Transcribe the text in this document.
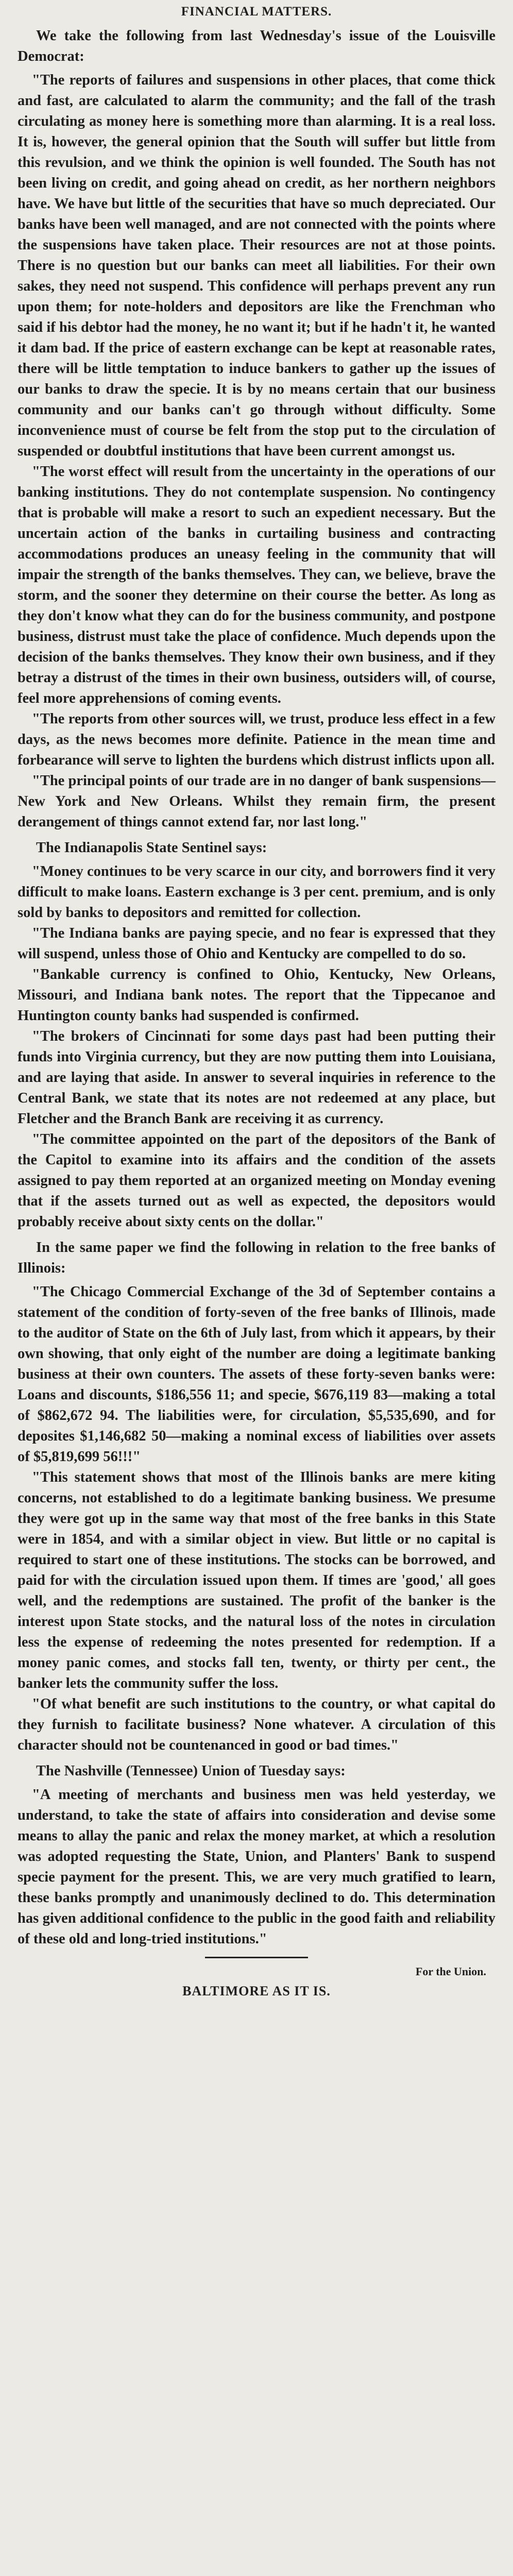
FINANCIAL MATTERS.

We take the following from last Wednesday's issue of the Louisville Democrat:

"The reports of failures and suspensions in other places, that come thick and fast, are calculated to alarm the community; and the fall of the trash circulating as money here is something more than alarming. It is a real loss. It is, however, the general opinion that the South will suffer but little from this revulsion, and we think the opinion is well founded. The South has not been living on credit, and going ahead on credit, as her northern neighbors have. We have but little of the securities that have so much depreciated. Our banks have been well managed, and are not connected with the points where the suspensions have taken place. Their resources are not at those points. There is no question but our banks can meet all liabilities. For their own sakes, they need not suspend. This confidence will perhaps prevent any run upon them; for note-holders and depositors are like the Frenchman who said if his debtor had the money, he no want it; but if he hadn't it, he wanted it dam bad. If the price of eastern exchange can be kept at reasonable rates, there will be little temptation to induce bankers to gather up the issues of our banks to draw the specie. It is by no means certain that our business community and our banks can't go through without difficulty. Some inconvenience must of course be felt from the stop put to the circulation of suspended or doubtful institutions that have been current amongst us.

"The worst effect will result from the uncertainty in the operations of our banking institutions. They do not contemplate suspension. No contingency that is probable will make a resort to such an expedient necessary. But the uncertain action of the banks in curtailing business and contracting accommodations produces an uneasy feeling in the community that will impair the strength of the banks themselves. They can, we believe, brave the storm, and the sooner they determine on their course the better. As long as they don't know what they can do for the business community, and postpone business, distrust must take the place of confidence. Much depends upon the decision of the banks themselves. They know their own business, and if they betray a distrust of the times in their own business, outsiders will, of course, feel more apprehensions of coming events.

"The reports from other sources will, we trust, produce less effect in a few days, as the news becomes more definite. Patience in the mean time and forbearance will serve to lighten the burdens which distrust inflicts upon all.

"The principal points of our trade are in no danger of bank suspensions—New York and New Orleans. Whilst they remain firm, the present derangement of things cannot extend far, nor last long."

The Indianapolis State Sentinel says:

"Money continues to be very scarce in our city, and borrowers find it very difficult to make loans. Eastern exchange is 3 per cent. premium, and is only sold by banks to depositors and remitted for collection.

"The Indiana banks are paying specie, and no fear is expressed that they will suspend, unless those of Ohio and Kentucky are compelled to do so.

"Bankable currency is confined to Ohio, Kentucky, New Orleans, Missouri, and Indiana bank notes. The report that the Tippecanoe and Huntington county banks had suspended is confirmed.

"The brokers of Cincinnati for some days past had been putting their funds into Virginia currency, but they are now putting them into Louisiana, and are laying that aside. In answer to several inquiries in reference to the Central Bank, we state that its notes are not redeemed at any place, but Fletcher and the Branch Bank are receiving it as currency.

"The committee appointed on the part of the depositors of the Bank of the Capitol to examine into its affairs and the condition of the assets assigned to pay them reported at an organized meeting on Monday evening that if the assets turned out as well as expected, the depositors would probably receive about sixty cents on the dollar."

In the same paper we find the following in relation to the free banks of Illinois:

"The Chicago Commercial Exchange of the 3d of September contains a statement of the condition of forty-seven of the free banks of Illinois, made to the auditor of State on the 6th of July last, from which it appears, by their own showing, that only eight of the number are doing a legitimate banking business at their own counters. The assets of these forty-seven banks were: Loans and discounts, $186,556 11; and specie, $676,119 83—making a total of $862,672 94. The liabilities were, for circulation, $5,535,690, and for deposites $1,146,682 50—making a nominal excess of liabilities over assets of $5,819,699 56!!!"

"This statement shows that most of the Illinois banks are mere kiting concerns, not established to do a legitimate banking business. We presume they were got up in the same way that most of the free banks in this State were in 1854, and with a similar object in view. But little or no capital is required to start one of these institutions. The stocks can be borrowed, and paid for with the circulation issued upon them. If times are 'good,' all goes well, and the redemptions are sustained. The profit of the banker is the interest upon State stocks, and the natural loss of the notes in circulation less the expense of redeeming the notes presented for redemption. If a money panic comes, and stocks fall ten, twenty, or thirty per cent., the banker lets the community suffer the loss.

"Of what benefit are such institutions to the country, or what capital do they furnish to facilitate business? None whatever. A circulation of this character should not be countenanced in good or bad times."

The Nashville (Tennessee) Union of Tuesday says:

"A meeting of merchants and business men was held yesterday, we understand, to take the state of affairs into consideration and devise some means to allay the panic and relax the money market, at which a resolution was adopted requesting the State, Union, and Planters' Bank to suspend specie payment for the present. This, we are very much gratified to learn, these banks promptly and unanimously declined to do. This determination has given additional confidence to the public in the good faith and reliability of these old and long-tried institutions."

For the Union.
BALTIMORE AS IT IS.
